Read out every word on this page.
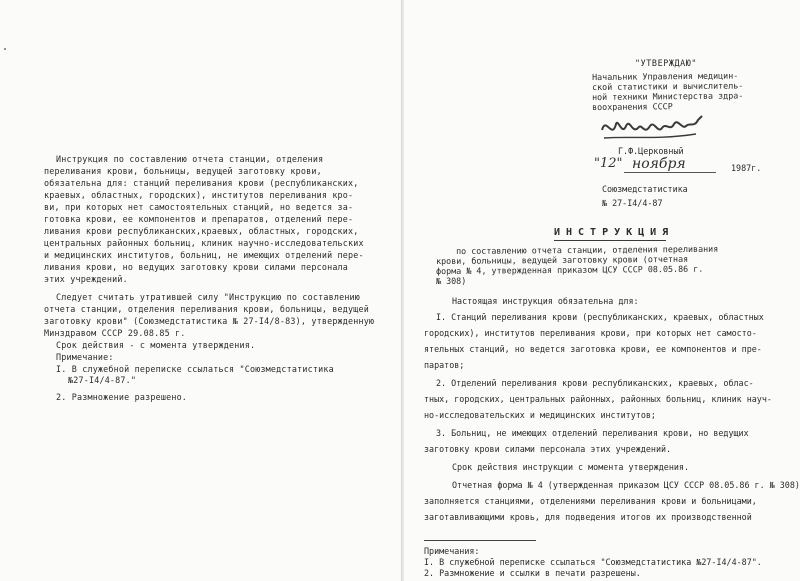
Инструкция по составлению отчета станции, отделения
переливания крови, больницы, ведущей заготовку крови,
обязательна для: станций переливания крови (республиканских,
краевых, областных, городских), институтов переливания кро-
ви, при которых нет самостоятельных станций, но ведется за-
готовка крови, ее компонентов и препаратов, отделений пере-
ливания крови республиканских,краевых, областных, городских,
центральных районных больниц, клиник научно-исследовательских
и медицинских институтов, больниц, не имеющих отделений пере-
ливания крови, но ведущих заготовку крови силами персонала
этих учреждений.
Следует считать утратившей силу "Инструкцию по составлению
отчета станции, отделения переливания крови, больницы, ведущей
заготовку крови" (Союзмедстатистика № 27-I4/8-83), утвержденную
Минздравом СССР 29.08.85 г.
Срок действия - с момента утверждения.
Примечание:
I. В служебной переписке ссылаться "Союзмедстатистика
№27-I4/4-87."
2. Размножение разрешено.
"УТВЕРЖДАЮ"
Начальник Управления медицин-
ской статистики и вычислитель-
ной техники Министерства здра-
воохранения СССР
Г.Ф.Церковный
"12" ноября	1987г.
Союзмедстатистика
№ 27-I4/4-87
ИНСТРУКЦИЯ
по составлению отчета станции, отделения переливания
крови, больницы, ведущей заготовку крови (отчетная
форма № 4, утвержденная приказом ЦСУ СССР 08.05.86 г.
№ 308)
Настоящая инструкция обязательна для:
I. Станций переливания крови (республиканских, краевых, областных
городских), институтов переливания крови, при которых нет самосто-
ятельных станций, но ведется заготовка крови, ее компонентов и пре-
паратов;
2. Отделений переливания крови республиканских, краевых, облас-
тных, городских, центральных районных, районных больниц, клиник науч-
но-исследовательских и медицинских институтов;
3. Больниц, не имеющих отделений переливания крови, но ведущих
заготовку крови силами персонала этих учреждений.
Срок действия инструкции с момента утверждения.
Отчетная форма № 4 (утвержденная приказом ЦСУ СССР 08.05.86 г. № 308)
заполняется станциями, отделениями переливания крови и больницами,
заготавливающими кровь, для подведения итогов их производственной
Примечания:
I. В служебной переписке ссылаться "Союзмедстатистика №27-I4/4-87".
2. Размножение и ссылки в печати разрешены.
